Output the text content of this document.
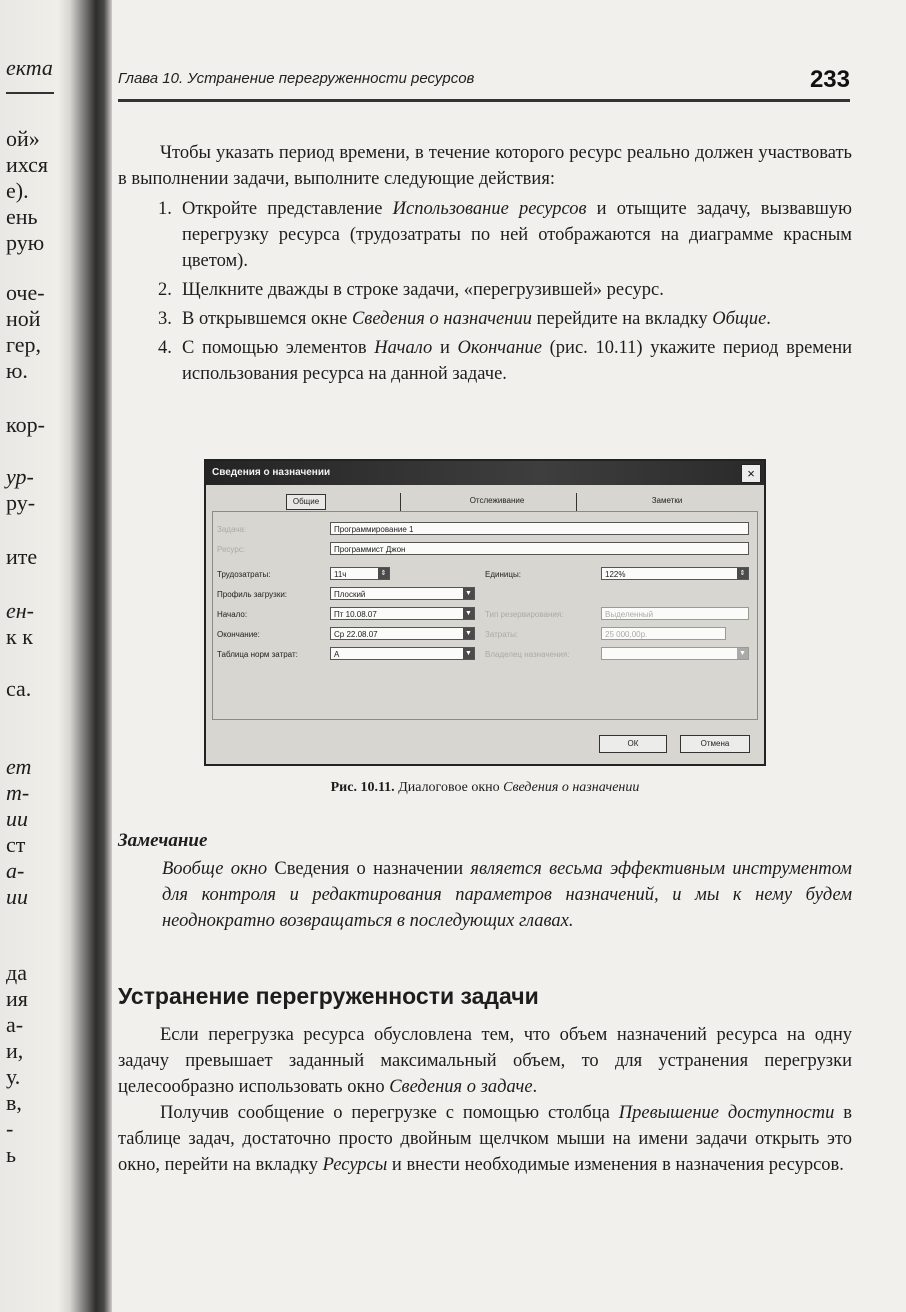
екта
ой»
ихся
е).
ень
рую
оче-
ной
гер,
ю.
кор-
ур-
ру-
ите
ен-
к к
са.
ет
т-
ии
ст
а-
ии
да
ия
а-
и,
у.
в,
-
ь
Глава 10. Устранение перегруженности ресурсов	233

Чтобы указать период времени, в течение которого ресурс реально должен участвовать в выполнении задачи, выполните следующие действия:

1. Откройте представление Использование ресурсов и отыщите задачу, вызвавшую перегрузку ресурса (трудозатраты по ней отображаются на диаграмме красным цветом).
2. Щелкните дважды в строке задачи, «перегрузившей» ресурс.
3. В открывшемся окне Сведения о назначении перейдите на вкладку Общие.
4. С помощью элементов Начало и Окончание (рис. 10.11) укажите период времени использования ресурса на данной задаче.
Сведения о назначении	×
Общие	Отслеживание	Заметки
Задача:	Программирование 1
Ресурс:	Программист Джон
Трудозатраты:	11ч	⇕	Единицы:	122%	⇕
Профиль загрузки:	Плоский	▼
Начало:	Пт 10.08.07	▼ Тип резервирования:	Выделенный
Окончание:	Ср 22.08.07	▼ Затраты:	25 000,00р.
Таблица норм затрат:	А	▼ Владелец назначения:	▼
ОК	Отмена
Рис. 10.11. Диалоговое окно Сведения о назначении
Замечание
Вообще окно Сведения о назначении является весьма эффективным инструментом для контроля и редактирования параметров назначений, и мы к нему будем неоднократно возвращаться в последующих главах.
Устранение перегруженности задачи

Если перегрузка ресурса обусловлена тем, что объем назначений ресурса на одну задачу превышает заданный максимальный объем, то для устранения перегрузки целесообразно использовать окно Сведения о задаче.

Получив сообщение о перегрузке с помощью столбца Превышение доступности в таблице задач, достаточно просто двойным щелчком мыши на имени задачи открыть это окно, перейти на вкладку Ресурсы и внести необходимые изменения в назначения ресурсов.
